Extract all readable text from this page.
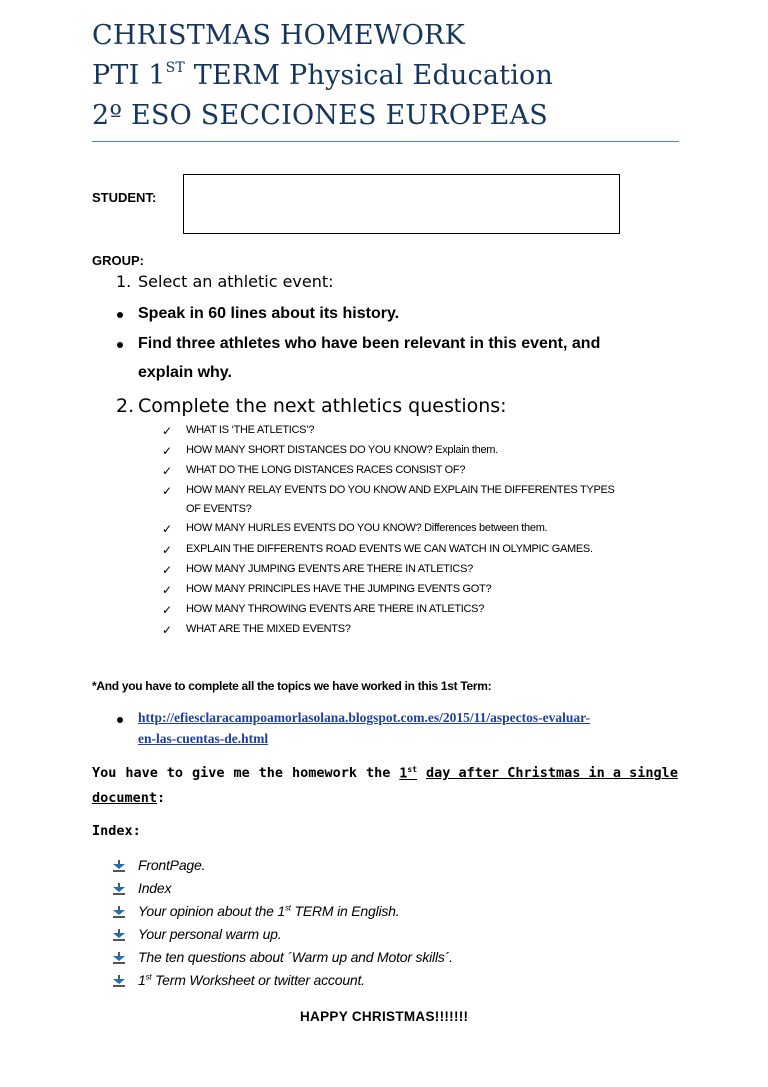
CHRISTMAS HOMEWORK
PTI 1ST TERM Physical Education
2º ESO SECCIONES EUROPEAS
STUDENT:
GROUP:
1. Select an athletic event:
Speak in 60 lines about its history.
Find three athletes who have been relevant in this event, and
explain why.
2. Complete the next athletics questions:
✓ WHAT IS ‘THE ATLETICS’?
✓ HOW MANY SHORT DISTANCES DO YOU KNOW? Explain them.
✓ WHAT DO THE LONG DISTANCES RACES CONSIST OF?
✓ HOW MANY RELAY EVENTS DO YOU KNOW AND EXPLAIN THE DIFFERENTES TYPES
OF EVENTS?
✓ HOW MANY HURLES EVENTS DO YOU KNOW? Differences between them.
✓ EXPLAIN THE DIFFERENTS ROAD EVENTS WE CAN WATCH IN OLYMPIC GAMES.
✓ HOW MANY JUMPING EVENTS ARE THERE IN ATLETICS?
✓ HOW MANY PRINCIPLES HAVE THE JUMPING EVENTS GOT?
✓ HOW MANY THROWING EVENTS ARE THERE IN ATLETICS?
✓ WHAT ARE THE MIXED EVENTS?
*And you have to complete all the topics we have worked in this 1st Term:
http://efiesclaracampoamorlasolana.blogspot.com.es/2015/11/aspectos-evaluar-
en-las-cuentas-de.html
You have to give me the homework the 1st day after Christmas in a single
document:
Index:
FrontPage.
Index
Your opinion about the 1st TERM in English.
Your personal warm up.
The ten questions about ´Warm up and Motor skills´.
1st Term Worksheet or twitter account.
HAPPY CHRISTMAS!!!!!!!
